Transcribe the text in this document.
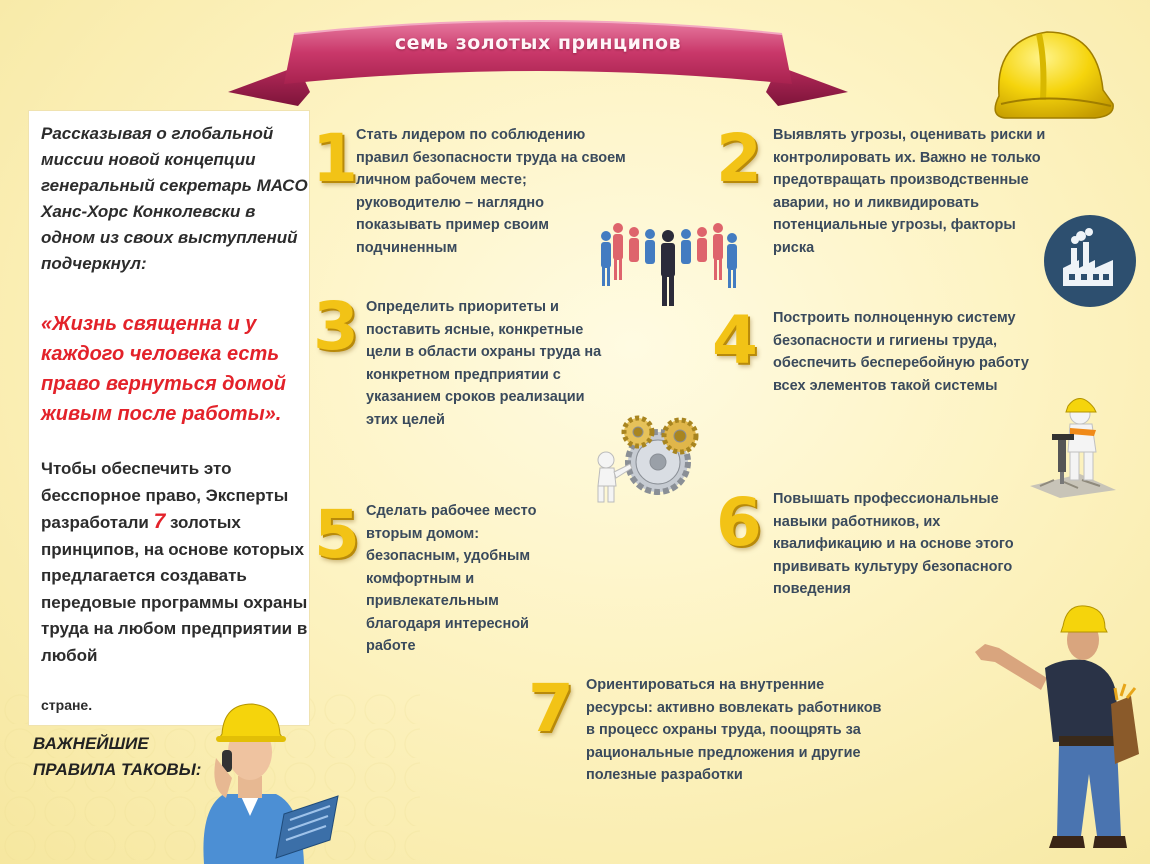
семь золотых принципов
Рассказывая о глобальной миссии новой концепции генеральный секретарь МАСО Ханс-Хорс Конколевски в одном из своих выступлений подчеркнул:
«Жизнь священна и у каждого человека есть право вернуться домой живым после работы».
Чтобы обеспечить это бесспорное право, Эксперты разработали 7 золотых принципов, на основе которых предлагается создавать передовые программы охраны труда на любом предприятии в любой
стране.
ВАЖНЕЙШИЕ ПРАВИЛА ТАКОВЫ:
1
Стать лидером по соблюдению правил безопасности труда на своем личном рабочем месте; руководителю – наглядно показывать пример своим подчиненным
2 Выявлять угрозы, оценивать риски и контролировать их. Важно не только предотвращать производственные аварии, но и ликвидировать потенциальные угрозы, факторы риска
3 Определить приоритеты и поставить ясные, конкретные цели в области охраны труда на конкретном предприятии с указанием сроков реализации этих целей
4 Построить полноценную систему безопасности и гигиены труда, обеспечить бесперебойную работу всех элементов такой системы
5 Сделать рабочее место вторым домом: безопасным, удобным комфортным и привлекательным благодаря интересной работе
6 Повышать профессиональные навыки работников, их квалификацию и на основе этого прививать культуру безопасного поведения
7 Ориентироваться на внутренние ресурсы: активно вовлекать работников в процесс охраны труда, поощрять за рациональные предложения и другие полезные разработки
